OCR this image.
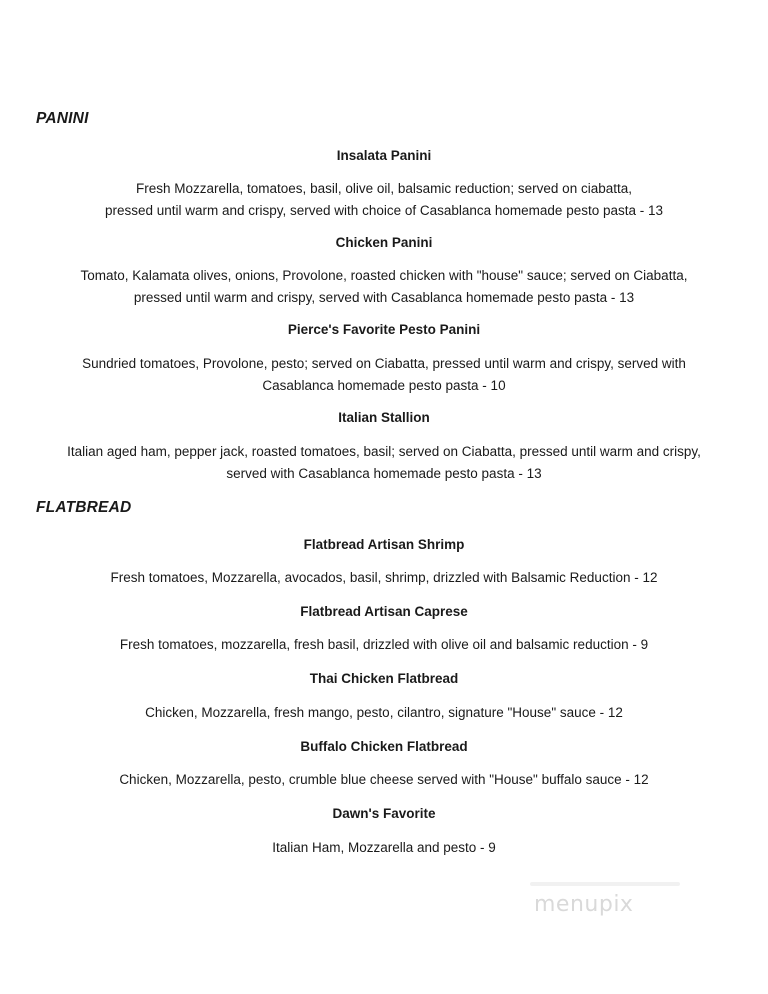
PANINI
Insalata Panini
Fresh Mozzarella, tomatoes, basil, olive oil, balsamic reduction; served on ciabatta,
pressed until warm and crispy, served with choice of Casablanca homemade pesto pasta - 13
Chicken Panini
Tomato, Kalamata olives, onions, Provolone, roasted chicken with "house" sauce; served on Ciabatta,
pressed until warm and crispy, served with Casablanca homemade pesto pasta - 13
Pierce's Favorite Pesto Panini
Sundried tomatoes, Provolone, pesto; served on Ciabatta, pressed until warm and crispy, served with
Casablanca homemade pesto pasta - 10
Italian Stallion
Italian aged ham, pepper jack, roasted tomatoes, basil; served on Ciabatta, pressed until warm and crispy,
served with Casablanca homemade pesto pasta - 13
FLATBREAD
Flatbread Artisan Shrimp
Fresh tomatoes, Mozzarella, avocados, basil, shrimp, drizzled with Balsamic Reduction - 12
Flatbread Artisan Caprese
Fresh tomatoes, mozzarella, fresh basil, drizzled with olive oil and balsamic reduction - 9
Thai Chicken Flatbread
Chicken, Mozzarella, fresh mango, pesto, cilantro, signature "House" sauce - 12
Buffalo Chicken Flatbread
Chicken, Mozzarella, pesto, crumble blue cheese served with "House" buffalo sauce - 12
Dawn's Favorite
Italian Ham, Mozzarella and pesto - 9
menupix
